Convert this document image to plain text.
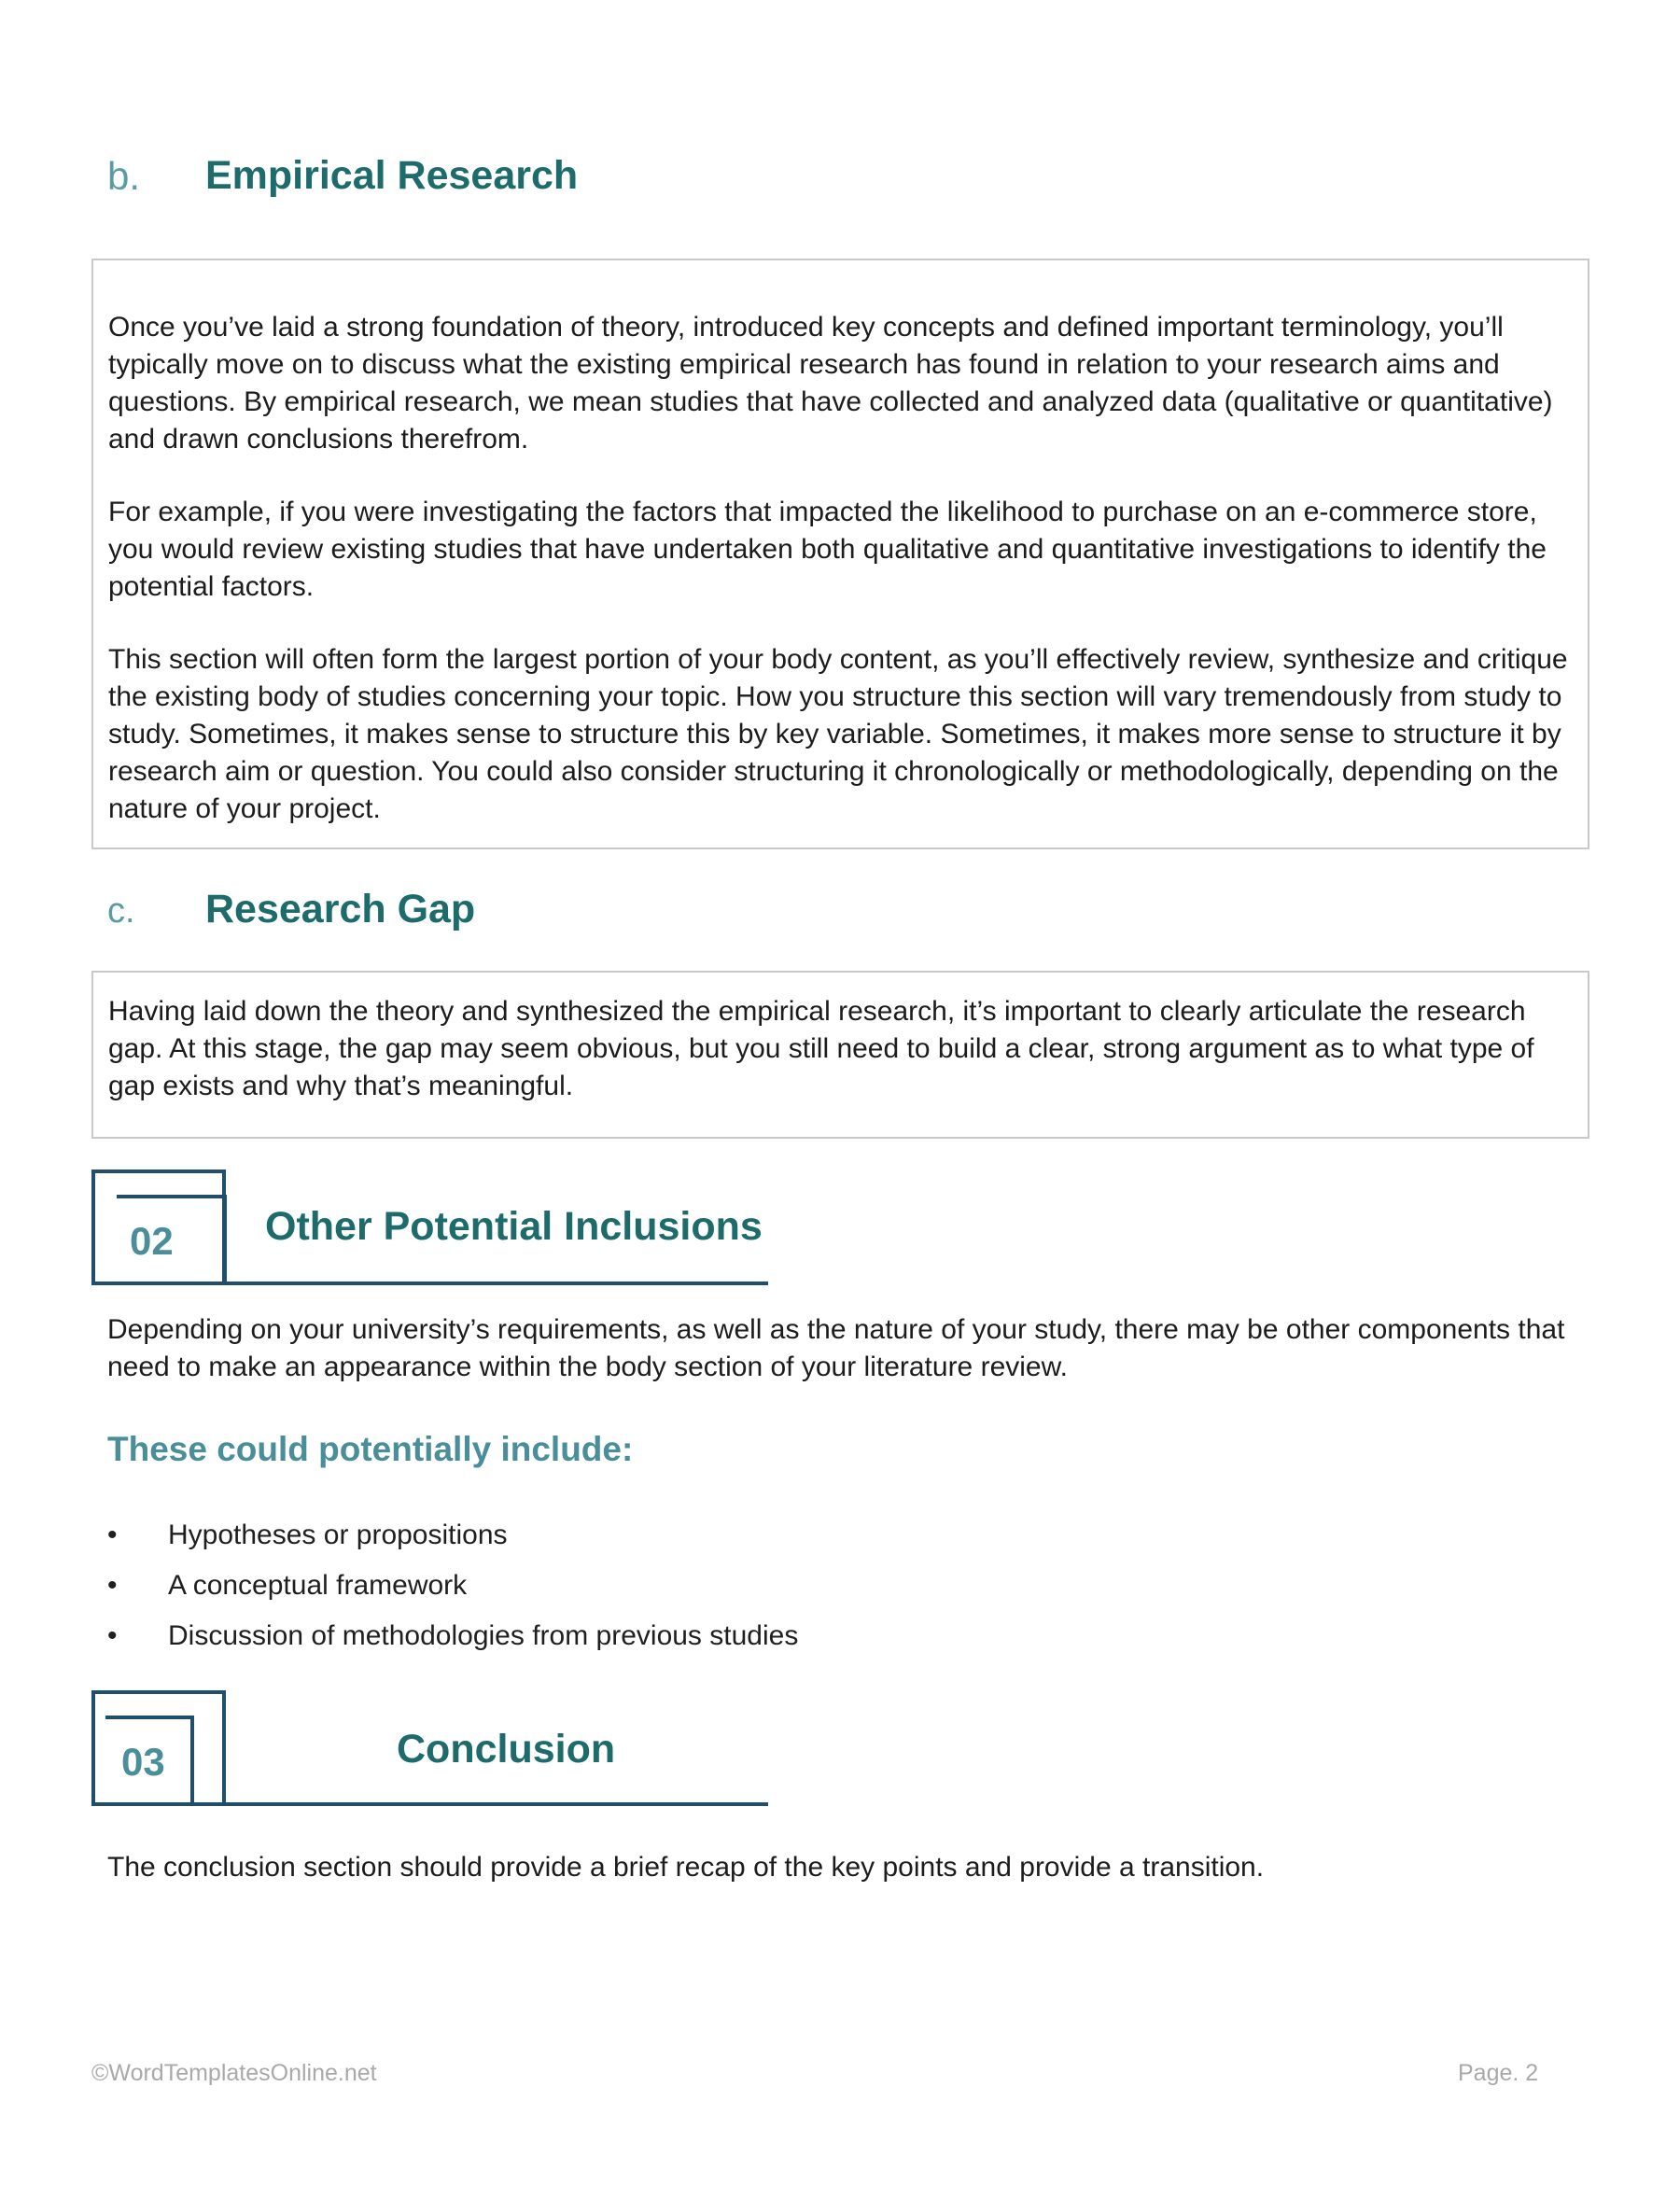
b. Empirical Research

Once you’ve laid a strong foundation of theory, introduced key concepts and defined important terminology, you’ll typically move on to discuss what the existing empirical research has found in relation to your research aims and questions. By empirical research, we mean studies that have collected and analyzed data (qualitative or quantitative) and drawn conclusions therefrom.

For example, if you were investigating the factors that impacted the likelihood to purchase on an e-commerce store, you would review existing studies that have undertaken both qualitative and quantitative investigations to identify the potential factors.

This section will often form the largest portion of your body content, as you’ll effectively review, synthesize and critique the existing body of studies concerning your topic. How you structure this section will vary tremendously from study to study. Sometimes, it makes sense to structure this by key variable. Sometimes, it makes more sense to structure it by research aim or question. You could also consider structuring it chronologically or methodologically, depending on the nature of your project.

c. Research Gap

Having laid down the theory and synthesized the empirical research, it’s important to clearly articulate the research gap. At this stage, the gap may seem obvious, but you still need to build a clear, strong argument as to what type of gap exists and why that’s meaningful.

02 Other Potential Inclusions

Depending on your university’s requirements, as well as the nature of your study, there may be other components that need to make an appearance within the body section of your literature review.

These could potentially include:
• Hypotheses or propositions
• A conceptual framework
• Discussion of methodologies from previous studies
03	Conclusion

The conclusion section should provide a brief recap of the key points and provide a transition.

©WordTemplatesOnline.net	Page. 2
